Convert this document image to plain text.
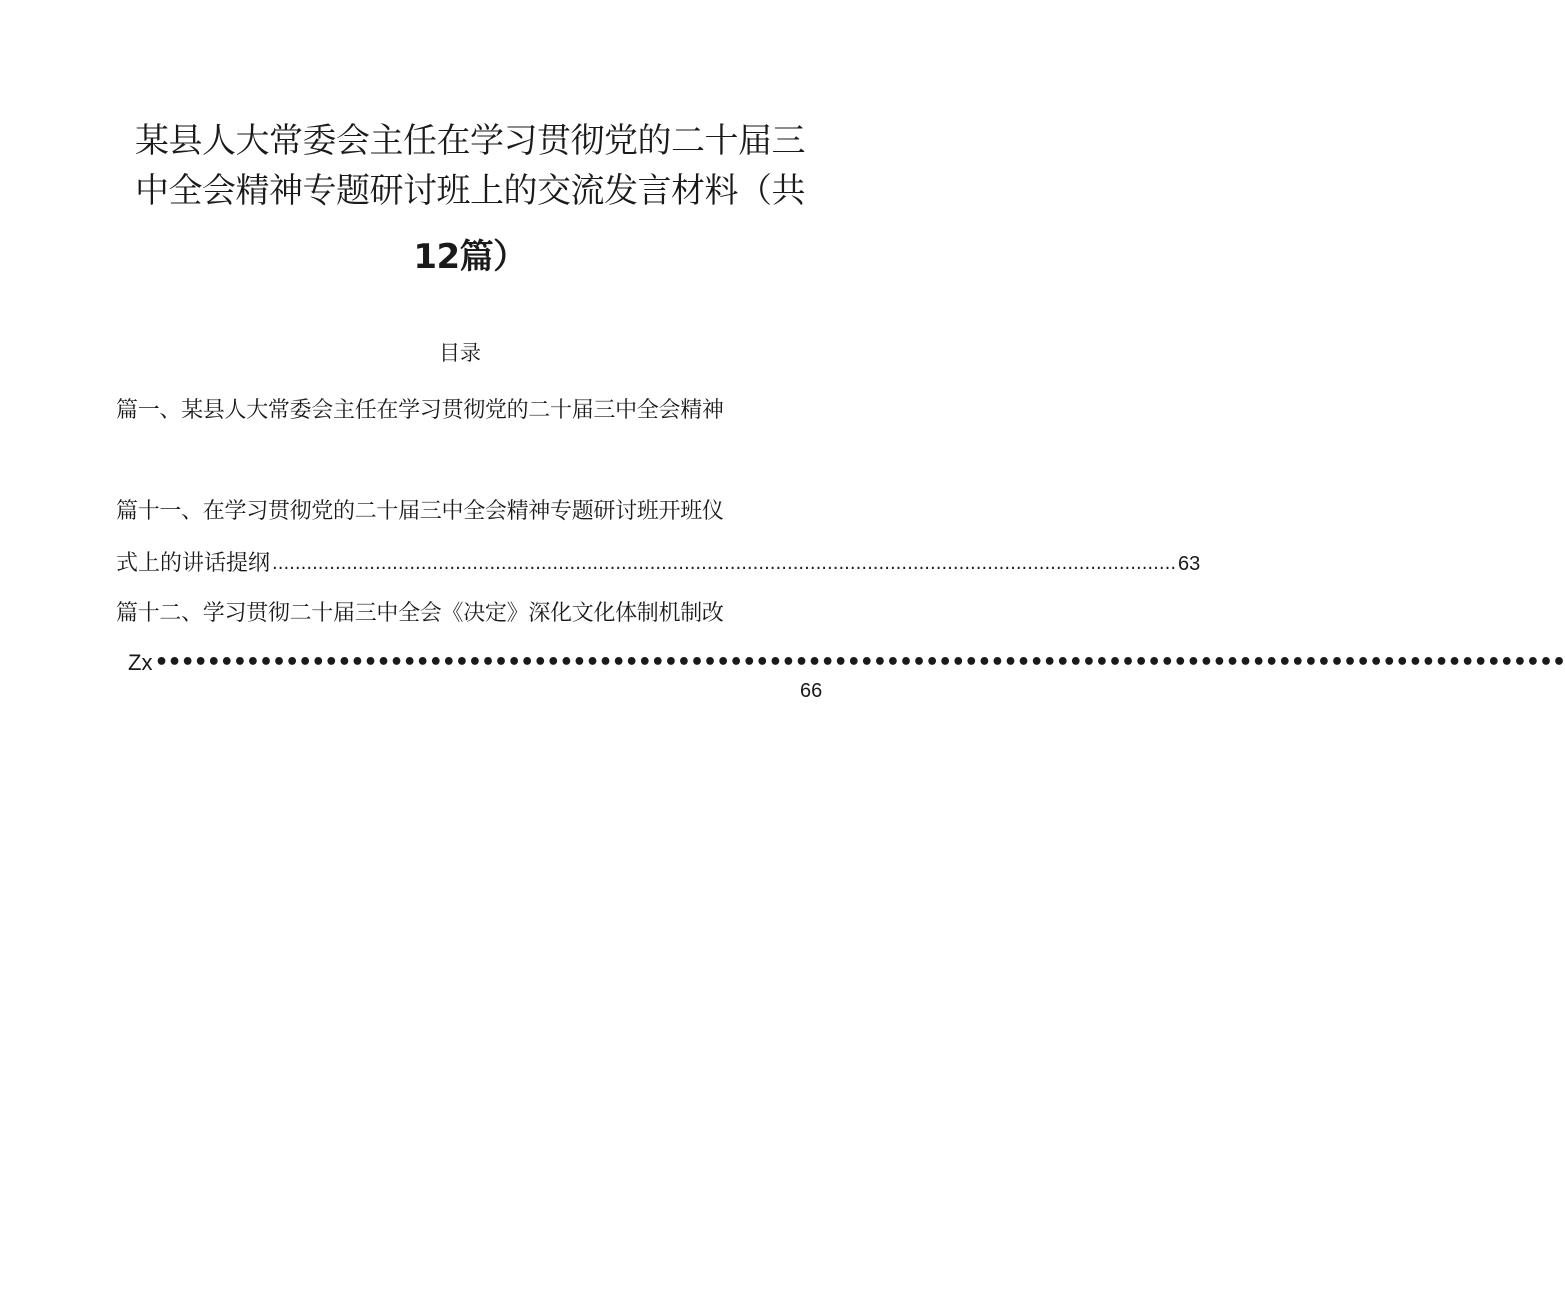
某县人大常委会主任在学习贯彻党的二十届三
中全会精神专题研讨班上的交流发言材料（共
12篇）
目录
篇一、某县人大常委会主任在学习贯彻党的二十届三中全会精神
篇十一、在学习贯彻党的二十届三中全会精神专题研讨班开班仪
式上的讲话提纲 .............................................................................................................................................................. 63
篇十二、学习贯彻二十届三中全会《决定》深化文化体制机制改
Zx ••••••••••••••••••••••••••••••••••••••••••••••••••••••••••••••••••••••••••••••••••••••••••••••••••••••••••••
66
